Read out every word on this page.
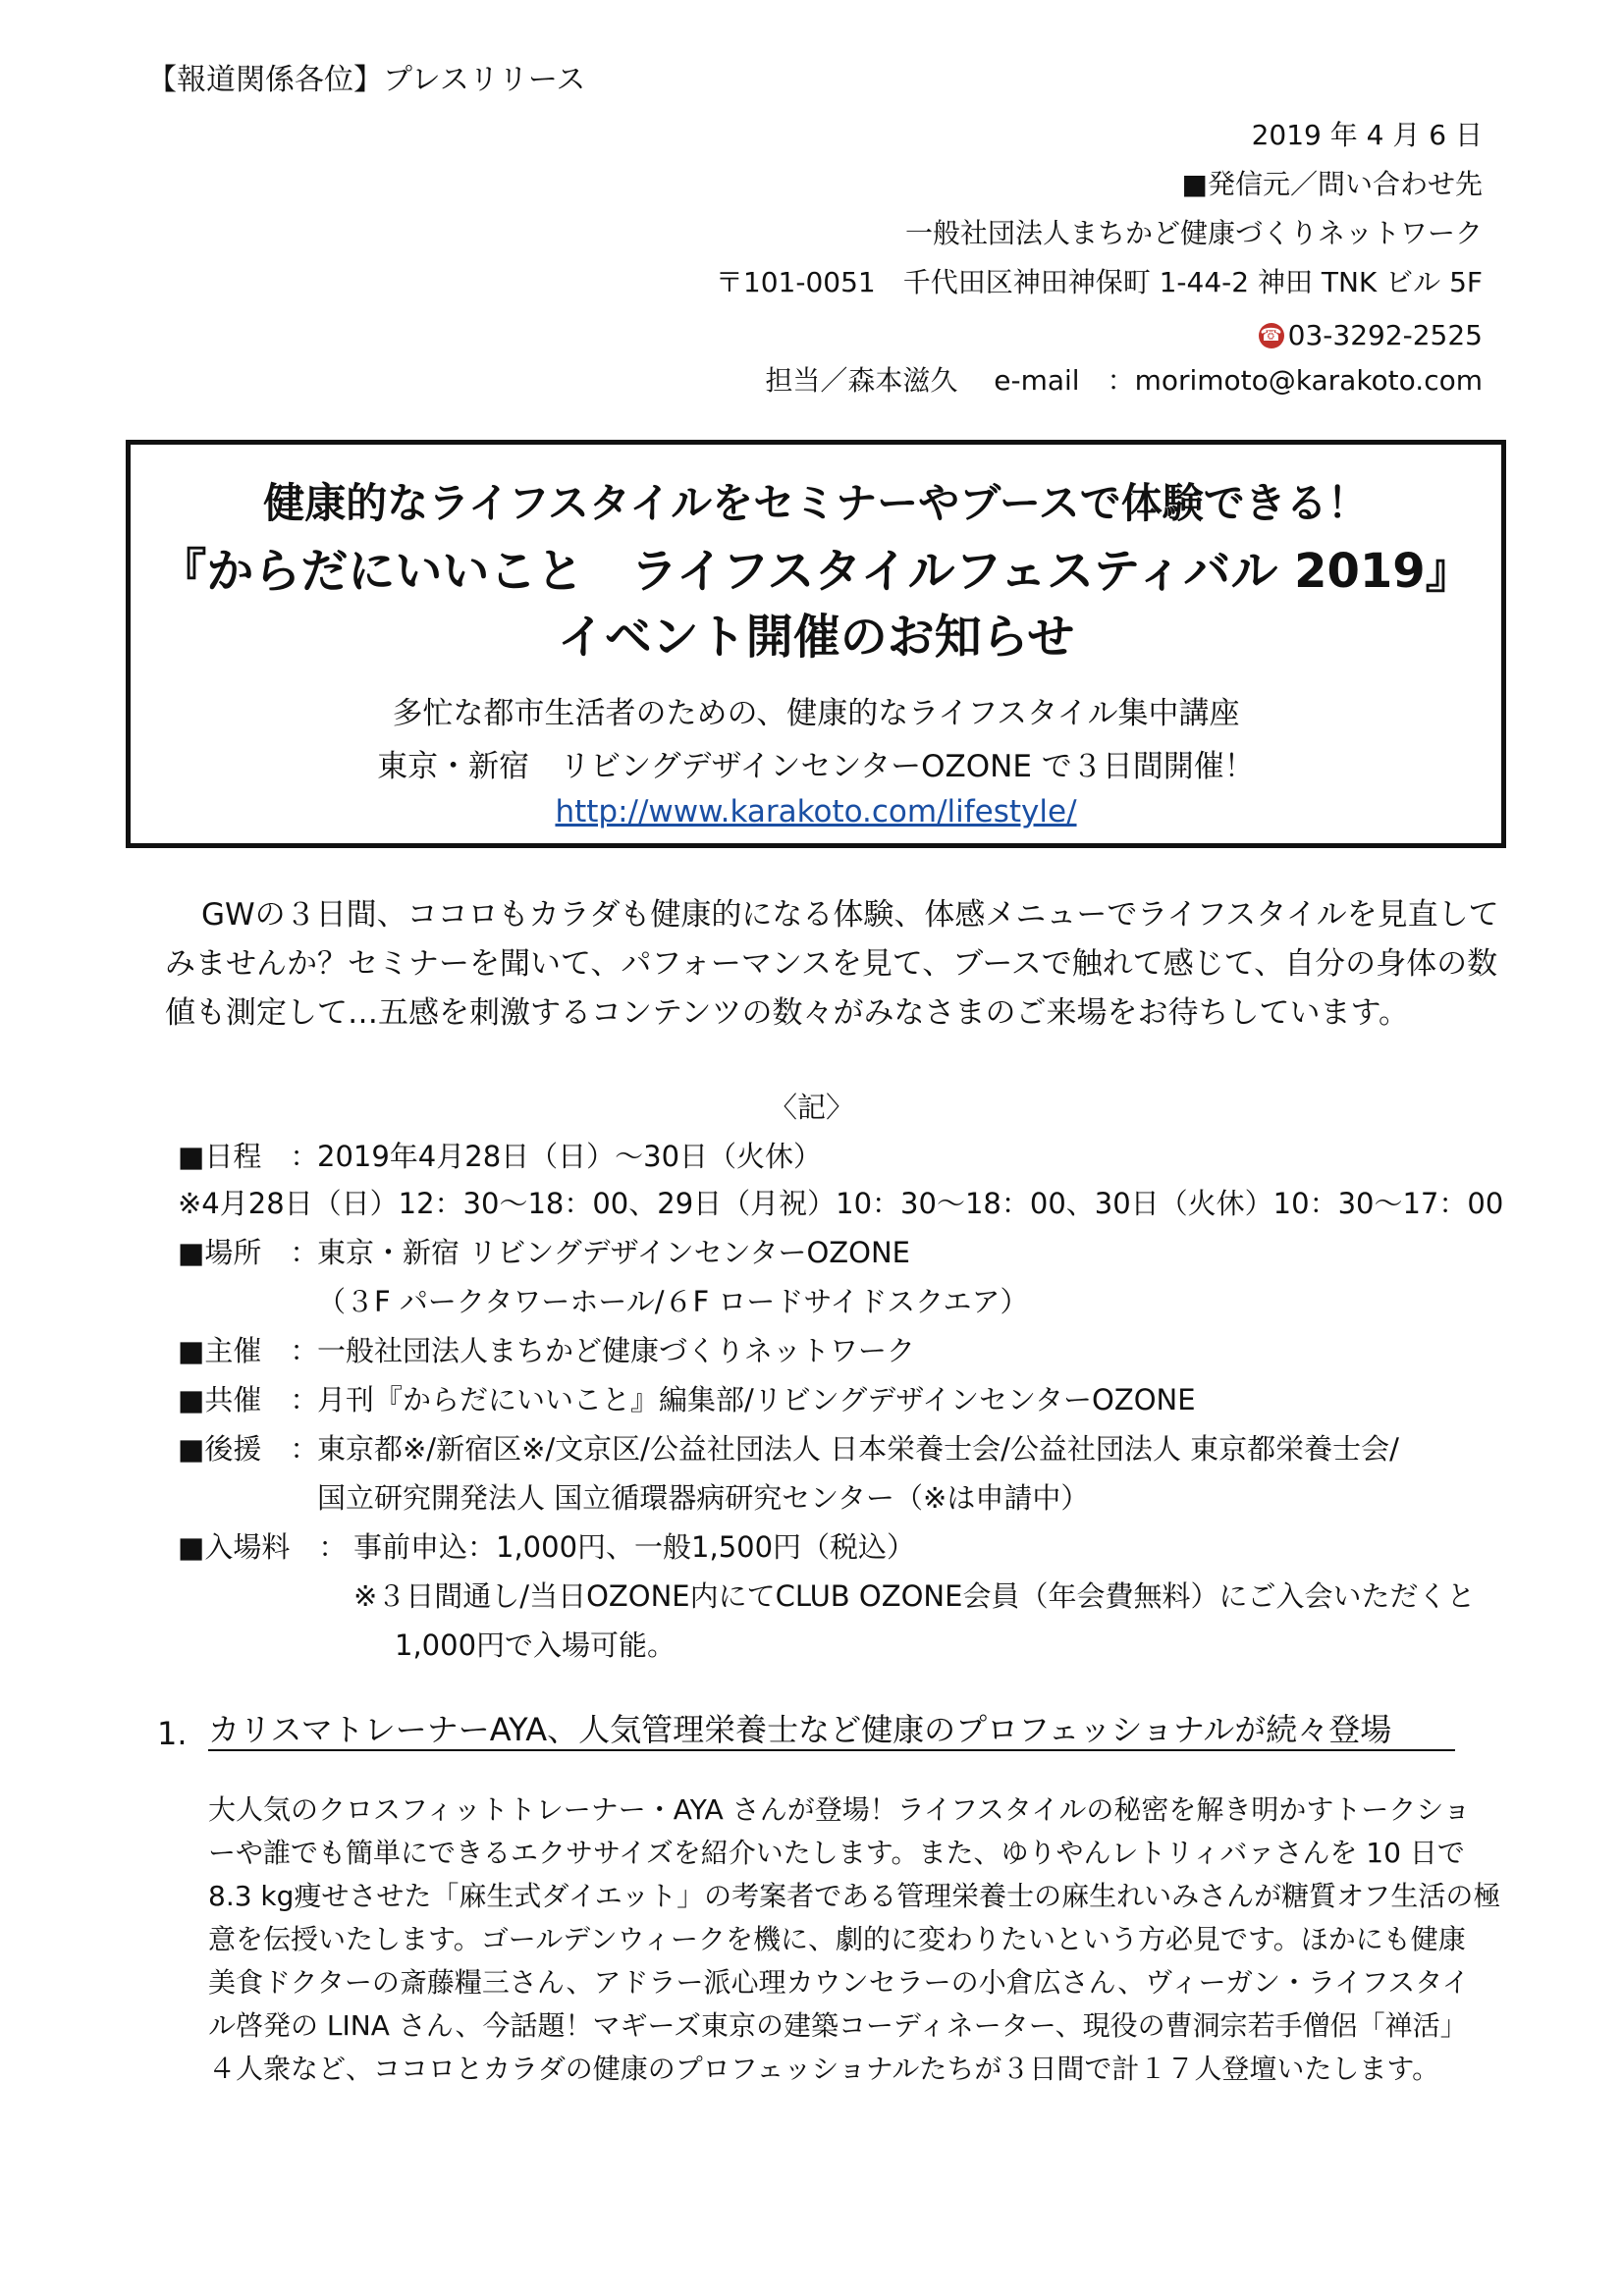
【報道関係各位】プレスリリース
2019 年 4 月 6 日
■発信元／問い合わせ先
一般社団法人まちかど健康づくりネットワーク
〒101-0051　千代田区神田神保町 1-44-2 神田 TNK ビル 5F
☎ 03-3292-2525
担当／森本滋久　 e-mail　：morimoto@karakoto.com
健康的なライフスタイルをセミナーやブースで体験できる！
『からだにいいこと　ライフスタイルフェスティバル 2019』
イベント開催のお知らせ
多忙な都市生活者のための、健康的なライフスタイル集中講座
東京・新宿　リビングデザインセンターOZONE で３日間開催！
http://www.karakoto.com/lifestyle/
GWの３日間、ココロもカラダも健康的になる体験、体感メニューでライフスタイルを見直して
みませんか？セミナーを聞いて、パフォーマンスを見て、ブースで触れて感じて、自分の身体の数
値も測定して…五感を刺激するコンテンツの数々がみなさまのご来場をお待ちしています。
〈記〉
■日程　：
2019年4月28日（日）～30日（火休）
※4月28日（日）12：30～18：00、29日（月祝）10：30～18：00、30日（火休）10：30～17：00
■場所　：
東京・新宿 リビングデザインセンターOZONE
（３F パークタワーホール/６F ロードサイドスクエア）
■主催　：
一般社団法人まちかど健康づくりネットワーク
■共催　：
月刊『からだにいいこと』編集部/リビングデザインセンターOZONE
■後援　：
東京都※/新宿区※/文京区/公益社団法人 日本栄養士会/公益社団法人 東京都栄養士会/
国立研究開発法人 国立循環器病研究センター（※は申請中）
■入場料　： 事前申込：1,000円、一般1,500円（税込）
※３日間通し/当日OZONE内にてCLUB OZONE会員（年会費無料）にご入会いただくと
1,000円で入場可能。
1. カリスマトレーナーAYA、人気管理栄養士など健康のプロフェッショナルが続々登場
大人気のクロスフィットトレーナー・AYA さんが登場！ライフスタイルの秘密を解き明かすトークショ
ーや誰でも簡単にできるエクササイズを紹介いたします。また、ゆりやんレトリィバァさんを 10 日で
8.3 kg痩せさせた「麻生式ダイエット」の考案者である管理栄養士の麻生れいみさんが糖質オフ生活の極
意を伝授いたします。ゴールデンウィークを機に、劇的に変わりたいという方必見です。ほかにも健康
美食ドクターの斎藤糧三さん、アドラー派心理カウンセラーの小倉広さん、ヴィーガン・ライフスタイ
ル啓発の LINA さん、今話題！マギーズ東京の建築コーディネーター、現役の曹洞宗若手僧侶「禅活」
４人衆など、ココロとカラダの健康のプロフェッショナルたちが３日間で計１７人登壇いたします。
